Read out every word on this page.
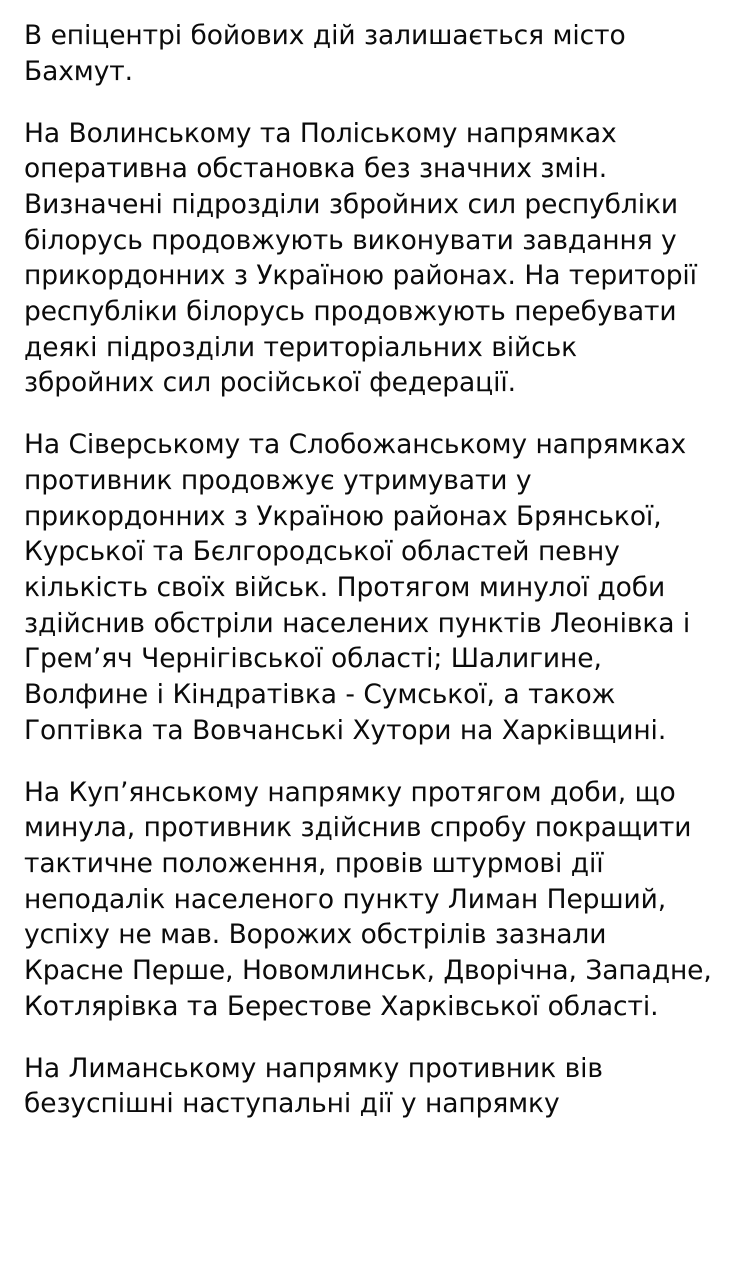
В епіцентрі бойових дій залишається місто Бахмут.

На Волинському та Поліському напрямках оперативна обстановка без значних змін. Визначені підрозділи збройних сил республіки білорусь продовжують виконувати завдання у прикордонних з Україною районах. На території республіки білорусь продовжують перебувати деякі підрозділи територіальних військ збройних сил російської федерації.

На Сіверському та Слобожанському напрямках противник продовжує утримувати у прикордонних з Україною районах Брянської, Курської та Бєлгородської областей певну кількість своїх військ. Протягом минулої доби здійснив обстріли населених пунктів Леонівка і Грем’яч Чернігівської області; Шалигине, Волфине і Кіндратівка - Сумської, а також Гоптівка та Вовчанські Хутори на Харківщині.

На Куп’янському напрямку протягом доби, що минула, противник здійснив спробу покращити тактичне положення, провів штурмові дії неподалік населеного пункту Лиман Перший, успіху не мав. Ворожих обстрілів зазнали Красне Перше, Новомлинськ, Дворічна, Западне, Котлярівка та Берестове Харківської області.

На Лиманському напрямку противник вів безуспішні наступальні дії у напрямку
